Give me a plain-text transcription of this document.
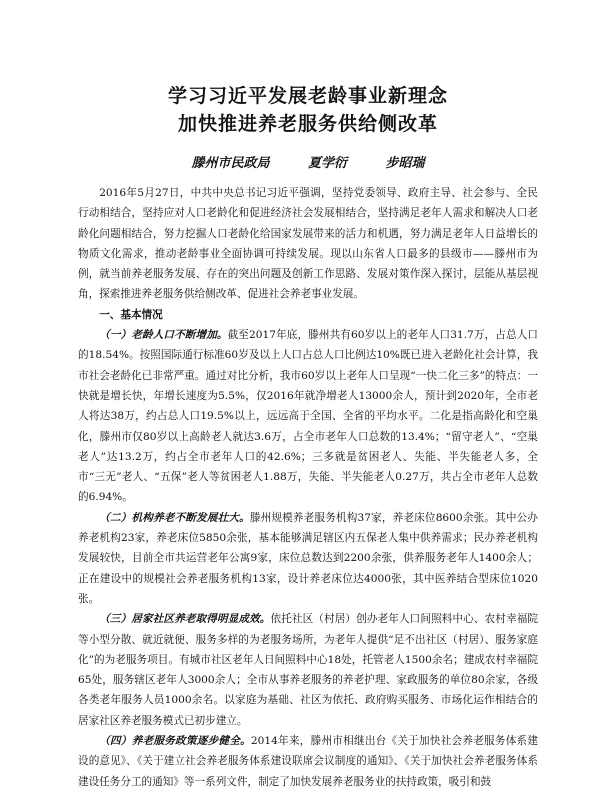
学习习近平发展老龄事业新理念
加快推进养老服务供给侧改革
滕州市民政局	夏学衍	步昭瑞

2016年5月27日，中共中央总书记习近平强调，坚持党委领导、政府主导、社会参与、全民行动相结合，坚持应对人口老龄化和促进经济社会发展相结合，坚持满足老年人需求和解决人口老龄化问题相结合，努力挖掘人口老龄化给国家发展带来的活力和机遇，努力满足老年人日益增长的物质文化需求，推动老龄事业全面协调可持续发展。现以山东省人口最多的县级市——滕州市为例，就当前养老服务发展、存在的突出问题及创新工作思路、发展对策作深入探讨，层能从基层视角，探索推进养老服务供给侧改革、促进社会养老事业发展。

一、基本情况

（一）老龄人口不断增加。截至2017年底，滕州共有60岁以上的老年人口31.7万，占总人口的18.54%。按照国际通行标准60岁及以上人口占总人口比例达10%既已进入老龄化社会计算，我市社会老龄化已非常严重。通过对比分析，我市60岁以上老年人口呈现“一快二化三多”的特点：一快就是增长快，年增长速度为5.5%，仅2016年就净增老人13000余人，预计到2020年，全市老人将达38万，约占总人口19.5%以上，远远高于全国、全省的平均水平。二化是指高龄化和空巢化，滕州市仅80岁以上高龄老人就达3.6万，占全市老年人口总数的13.4%；“留守老人”、“空巢老人”达13.2万，约占全市老年人口的42.6%；三多就是贫困老人、失能、半失能老人多，全市“三无”老人、“五保”老人等贫困老人1.88万，失能、半失能老人0.27万，共占全市老年人总数的6.94%。

（二）机构养老不断发展壮大。滕州规模养老服务机构37家，养老床位8600余张。其中公办养老机构23家，养老床位5850余张，基本能够满足辖区内五保老人集中供养需求；民办养老机构发展较快，目前全市共运营老年公寓9家，床位总数达到2200余张，供养服务老年人1400余人；正在建设中的规模社会养老服务机构13家，设计养老床位达4000张，其中医养结合型床位1020张。

（三）居家社区养老取得明显成效。依托社区（村居）创办老年人口间照料中心、农村幸福院等小型分散、就近就便、服务多样的为老服务场所，为老年人提供“足不出社区（村居）、服务家庭化”的为老服务项目。有城市社区老年人日间照料中心18处，托管老人1500余名；建成农村幸福院65处，服务辖区老年人3000余人；全市从事养老服务的养老护理、家政服务的单位80余家，各级各类老年服务人员1000余名。以家庭为基础、社区为依托、政府购买服务、市场化运作相结合的居家社区养老服务模式已初步建立。

（四）养老服务政策逐步健全。2014年来，滕州市相继出台《关于加快社会养老服务体系建设的意见》、《关于建立社会养老服务体系建设联席会议制度的通知》、《关于加快社会养老服务体系建设任务分工的通知》等一系列文件，制定了加快发展养老服务业的扶持政策，吸引和鼓
